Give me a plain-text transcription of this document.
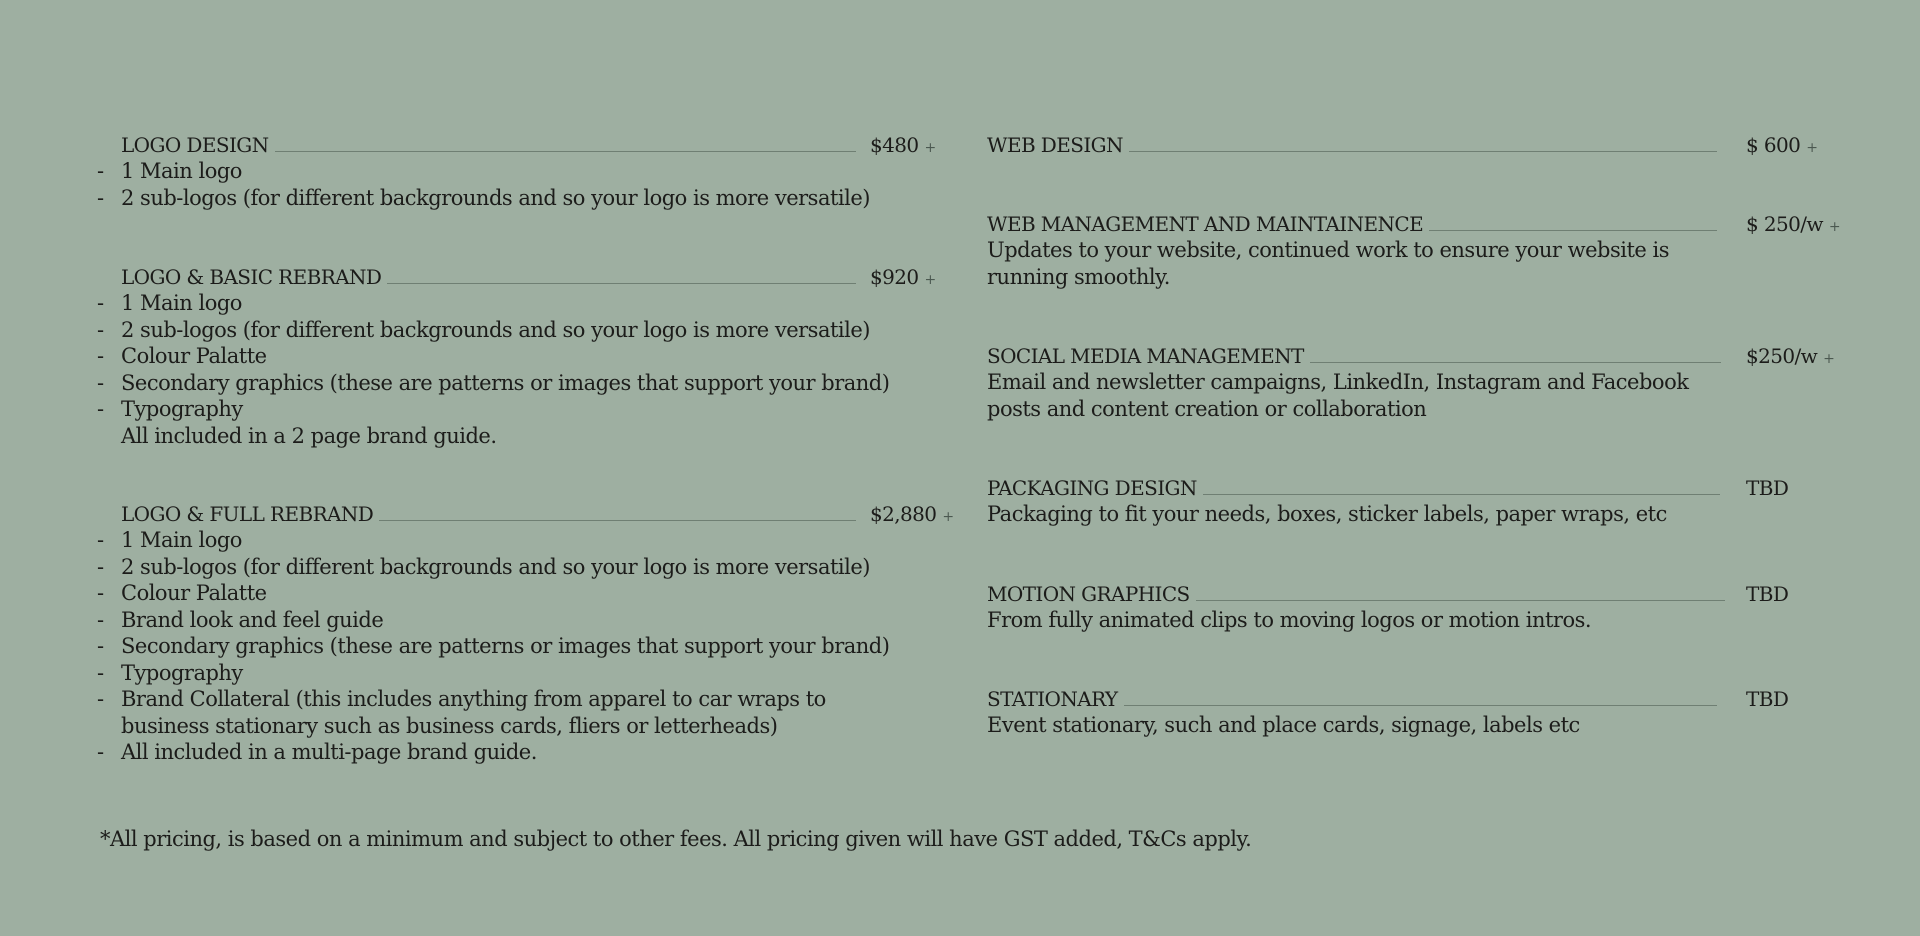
LOGO DESIGN	$480 +
- 1 Main logo
- 2 sub-logos (for different backgrounds and so your logo is more versatile)
LOGO & BASIC REBRAND	$920 +
- 1 Main logo
- 2 sub-logos (for different backgrounds and so your logo is more versatile)
- Colour Palatte
- Secondary graphics (these are patterns or images that support your brand)
- Typography
All included in a 2 page brand guide.
LOGO & FULL REBRAND	$2,880 +
- 1 Main logo
- 2 sub-logos (for different backgrounds and so your logo is more versatile)
- Colour Palatte
- Brand look and feel guide
- Secondary graphics (these are patterns or images that support your brand)
- Typography
- Brand Collateral (this includes anything from apparel to car wraps to
business stationary such as business cards, fliers or letterheads)
- All included in a multi-page brand guide.
WEB DESIGN	$ 600 +
WEB MANAGEMENT AND MAINTAINENCE	$ 250/w +
Updates to your website, continued work to ensure your website is running smoothly.
SOCIAL MEDIA MANAGEMENT	$250/w +
Email and newsletter campaigns, LinkedIn, Instagram and Facebook posts and content creation or collaboration
PACKAGING DESIGN	TBD
Packaging to fit your needs, boxes, sticker labels, paper wraps, etc
MOTION GRAPHICS	TBD
From fully animated clips to moving logos or motion intros.
STATIONARY	TBD
Event stationary, such and place cards, signage, labels etc
*All pricing, is based on a minimum and subject to other fees. All pricing given will have GST added, T&Cs apply.
